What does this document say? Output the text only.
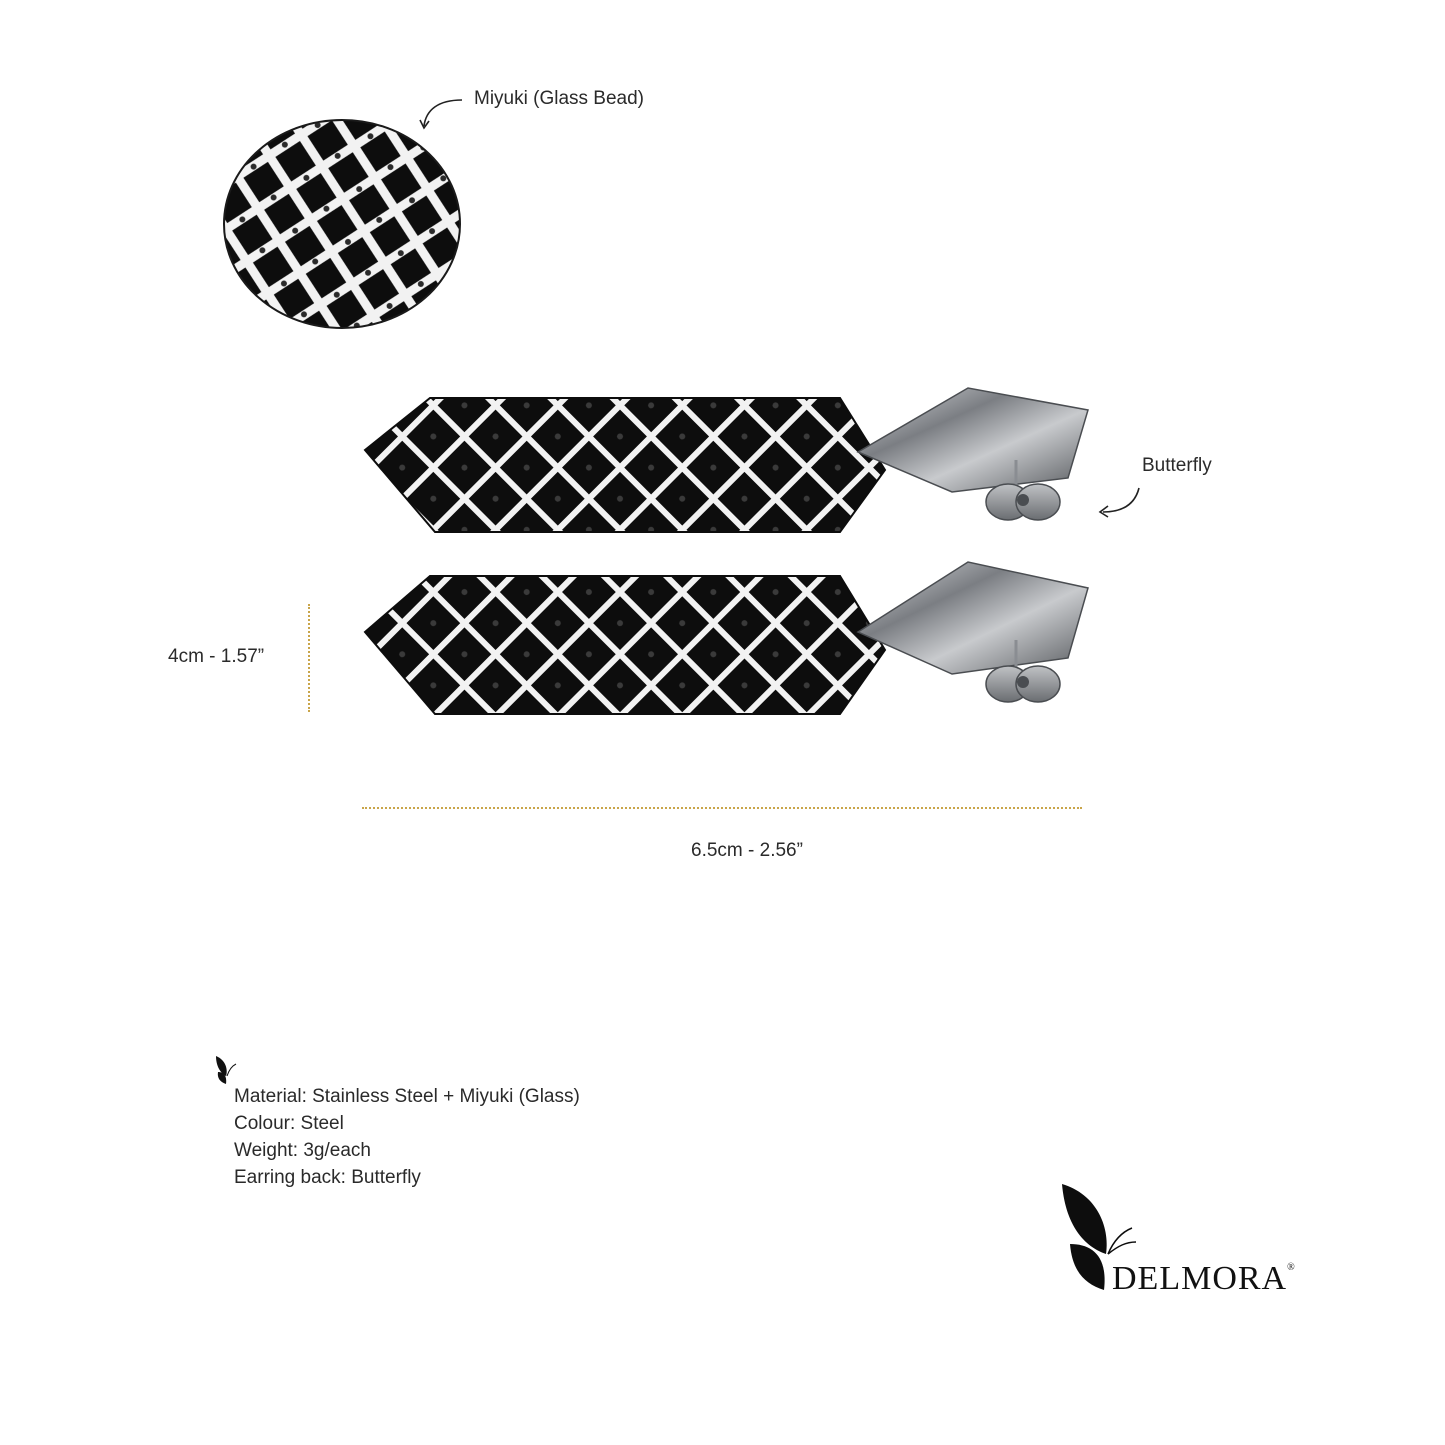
Miyuki (Glass Bead)
Butterfly
4cm - 1.57”
6.5cm - 2.56”
Material: Stainless Steel + Miyuki (Glass)
Colour: Steel
Weight: 3g/each
Earring back: Butterfly
DELMORA®
